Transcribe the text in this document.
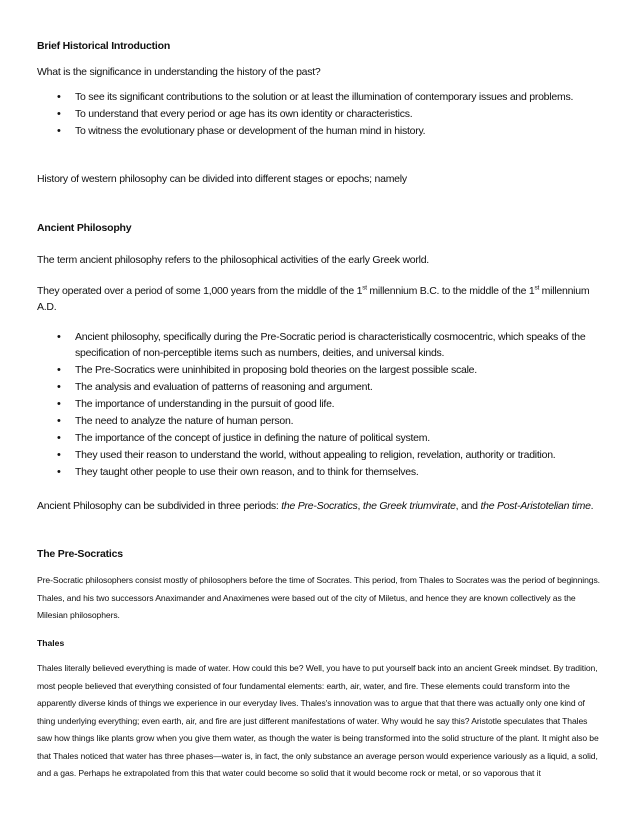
Brief Historical Introduction
What is the significance in understanding the history of the past?
• To see its significant contributions to the solution or at least the illumination of contemporary issues and problems.
• To understand that every period or age has its own identity or characteristics.
• To witness the evolutionary phase or development of the human mind in history.
History of western philosophy can be divided into different stages or epochs; namely
Ancient Philosophy
The term ancient philosophy refers to the philosophical activities of the early Greek world.
They operated over a period of some 1,000 years from the middle of the 1st millennium B.C. to the middle of the 1st millennium A.D.
• Ancient philosophy, specifically during the Pre-Socratic period is characteristically cosmocentric, which speaks of the specification of non-perceptible items such as numbers, deities, and universal kinds.
• The Pre-Socratics were uninhibited in proposing bold theories on the largest possible scale.
• The analysis and evaluation of patterns of reasoning and argument.
• The importance of understanding in the pursuit of good life.
• The need to analyze the nature of human person.
• The importance of the concept of justice in defining the nature of political system.
• They used their reason to understand the world, without appealing to religion, revelation, authority or tradition.
• They taught other people to use their own reason, and to think for themselves.
Ancient Philosophy can be subdivided in three periods: the Pre-Socratics, the Greek triumvirate, and the Post-Aristotelian time.
The Pre-Socratics
Pre-Socratic philosophers consist mostly of philosophers before the time of Socrates. This period, from Thales to Socrates was the period of beginnings. Thales, and his two successors Anaximander and Anaximenes were based out of the city of Miletus, and hence they are known collectively as the Milesian philosophers.
Thales
Thales literally believed everything is made of water. How could this be? Well, you have to put yourself back into an ancient Greek mindset. By tradition, most people believed that everything consisted of four fundamental elements: earth, air, water, and fire. These elements could transform into the apparently diverse kinds of things we experience in our everyday lives. Thales's innovation was to argue that that there was actually only one kind of thing underlying everything; even earth, air, and fire are just different manifestations of water. Why would he say this? Aristotle speculates that Thales saw how things like plants grow when you give them water, as though the water is being transformed into the solid structure of the plant. It might also be that Thales noticed that water has three phases—water is, in fact, the only substance an average person would experience variously as a liquid, a solid, and a gas. Perhaps he extrapolated from this that water could become so solid that it would become rock or metal, or so vaporous that it
